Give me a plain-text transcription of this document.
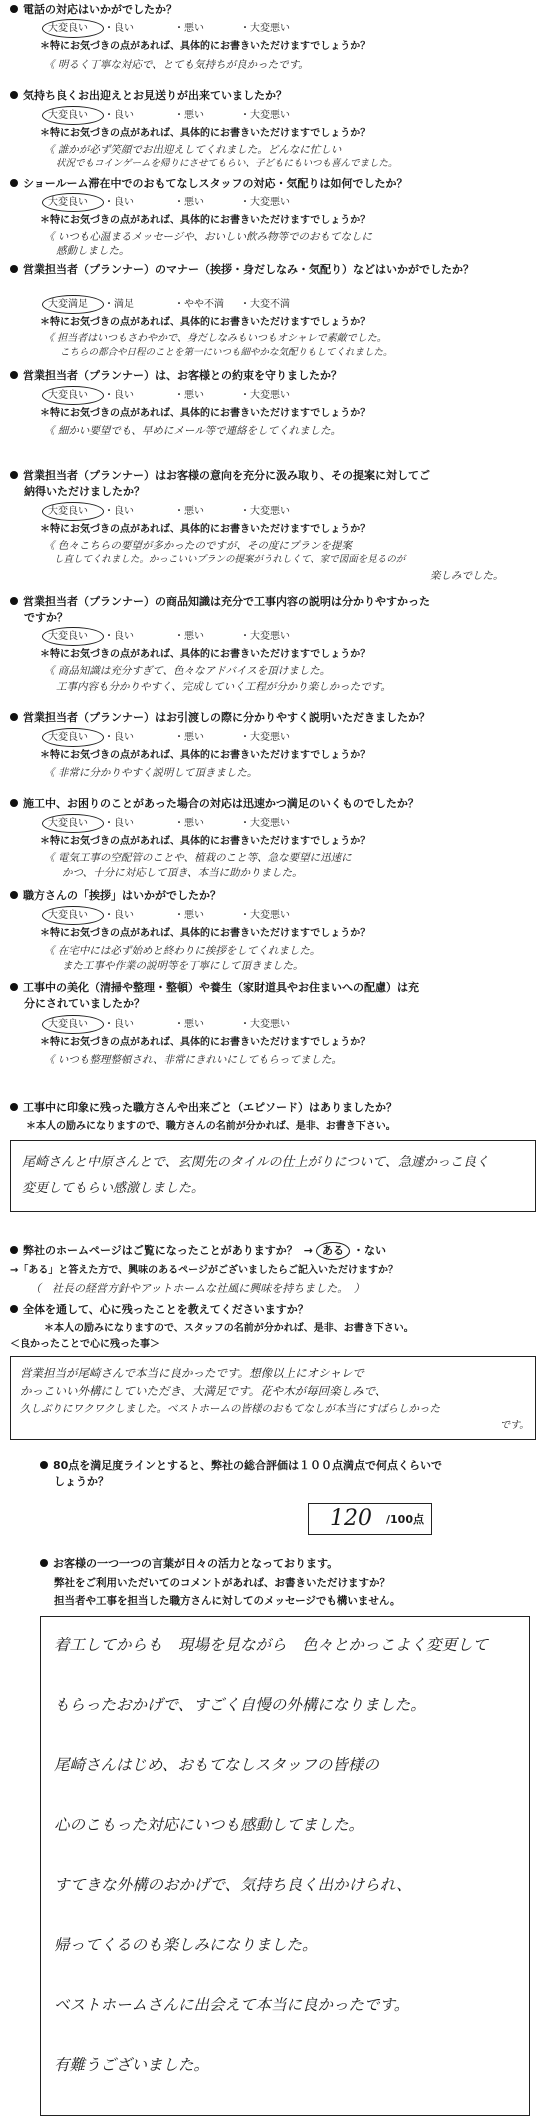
電話の対応はいかがでしたか？
大変良い	・良い	・悪い	・大変悪い
＊特にお気づきの点があれば、具体的にお書きいただけますでしょうか？
《 明るく丁寧な対応で、とても気持ちが良かったです。
気持ち良くお出迎えとお見送りが出来ていましたか？
大変良い	・良い	・悪い	・大変悪い
＊特にお気づきの点があれば、具体的にお書きいただけますでしょうか？
《 誰かが必ず笑顔でお出迎えしてくれました。どんなに忙しい
状況でもコインゲームを帰りにさせてもらい、子どもにもいつも喜んでました。
ショールーム滞在中でのおもてなしスタッフの対応・気配りは如何でしたか？
大変良い	・良い	・悪い	・大変悪い
＊特にお気づきの点があれば、具体的にお書きいただけますでしょうか？
《 いつも心温まるメッセージや、おいしい飲み物等でのおもてなしに
感動しました。
営業担当者（プランナー）のマナー（挨拶・身だしなみ・気配り）などはいかがでしたか？
大変満足	・満足	・やや不満	・大変不満
＊特にお気づきの点があれば、具体的にお書きいただけますでしょうか？
《 担当者はいつもさわやかで、身だしなみもいつもオシャレで素敵でした。
こちらの都合や日程のことを第一にいつも細やかな気配りもしてくれました。
営業担当者（プランナー）は、お客様との約束を守りましたか？
大変良い	・良い	・悪い	・大変悪い
＊特にお気づきの点があれば、具体的にお書きいただけますでしょうか？
《 細かい要望でも、早めにメール等で連絡をしてくれました。
営業担当者（プランナー）はお客様の意向を充分に汲み取り、その提案に対してご
納得いただけましたか？
大変良い	・良い	・悪い	・大変悪い
＊特にお気づきの点があれば、具体的にお書きいただけますでしょうか？
《 色々こちらの要望が多かったのですが、その度にプランを提案
し直してくれました。かっこいいプランの提案がうれしくて、家で図面を見るのが
楽しみでした。
営業担当者（プランナー）の商品知識は充分で工事内容の説明は分かりやすかった
ですか？
大変良い	・良い	・悪い	・大変悪い
＊特にお気づきの点があれば、具体的にお書きいただけますでしょうか？
《 商品知識は充分すぎて、色々なアドバイスを頂けました。
工事内容も分かりやすく、完成していく工程が分かり楽しかったです。
営業担当者（プランナー）はお引渡しの際に分かりやすく説明いただきましたか？
大変良い	・良い	・悪い	・大変悪い
＊特にお気づきの点があれば、具体的にお書きいただけますでしょうか？
《 非常に分かりやすく説明して頂きました。
施工中、お困りのことがあった場合の対応は迅速かつ満足のいくものでしたか？
大変良い	・良い	・悪い	・大変悪い
＊特にお気づきの点があれば、具体的にお書きいただけますでしょうか？
《 電気工事の空配管のことや、植栽のこと等、急な要望に迅速に
かつ、十分に対応して頂き、本当に助かりました。
職方さんの「挨拶」はいかがでしたか？
大変良い	・良い	・悪い	・大変悪い
＊特にお気づきの点があれば、具体的にお書きいただけますでしょうか？
《 在宅中には必ず始めと終わりに挨拶をしてくれました。
また工事や作業の説明等を丁寧にして頂きました。
工事中の美化（清掃や整理・整頓）や養生（家財道具やお住まいへの配慮）は充
分にされていましたか？
大変良い	・良い	・悪い	・大変悪い
＊特にお気づきの点があれば、具体的にお書きいただけますでしょうか？
《 いつも整理整頓され、非常にきれいにしてもらってました。
工事中に印象に残った職方さんや出来ごと（エピソード）はありましたか？
＊本人の励みになりますので、職方さんの名前が分かれば、是非、お書き下さい。
尾崎さんと中原さんとで、玄関先のタイルの仕上がりについて、急遽かっこ良く
変更してもらい感激しました。
弊社のホームページはご覧になったことがありますか？ → ある ・ない
→「ある」と答えた方で、興味のあるページがございましたらご記入いただけますか？
（　社長の経営方針やアットホームな社風に興味を持ちました。　）
全体を通して、心に残ったことを教えてくださいますか？
＊本人の励みになりますので、スタッフの名前が分かれば、是非、お書き下さい。
＜良かったことで心に残った事＞
営業担当が尾崎さんで本当に良かったです。想像以上にオシャレで
かっこいい外構にしていただき、大満足です。花や木が毎回楽しみで、
久しぶりにワクワクしました。ベストホームの皆様のおもてなしが本当にすばらしかった
です。
80点を満足度ラインとすると、弊社の総合評価は１００点満点で何点くらいで
しょうか？
120 /100点
お客様の一つ一つの言葉が日々の活力となっております。
弊社をご利用いただいてのコメントがあれば、お書きいただけますか？
担当者や工事を担当した職方さんに対してのメッセージでも構いません。
着工してからも　現場を見ながら　色々とかっこよく変更して
もらったおかげで、すごく自慢の外構になりました。
尾崎さんはじめ、おもてなしスタッフの皆様の
心のこもった対応にいつも感動してました。
すてきな外構のおかげで、気持ち良く出かけられ、
帰ってくるのも楽しみになりました。
ベストホームさんに出会えて本当に良かったです。
有難うございました。
